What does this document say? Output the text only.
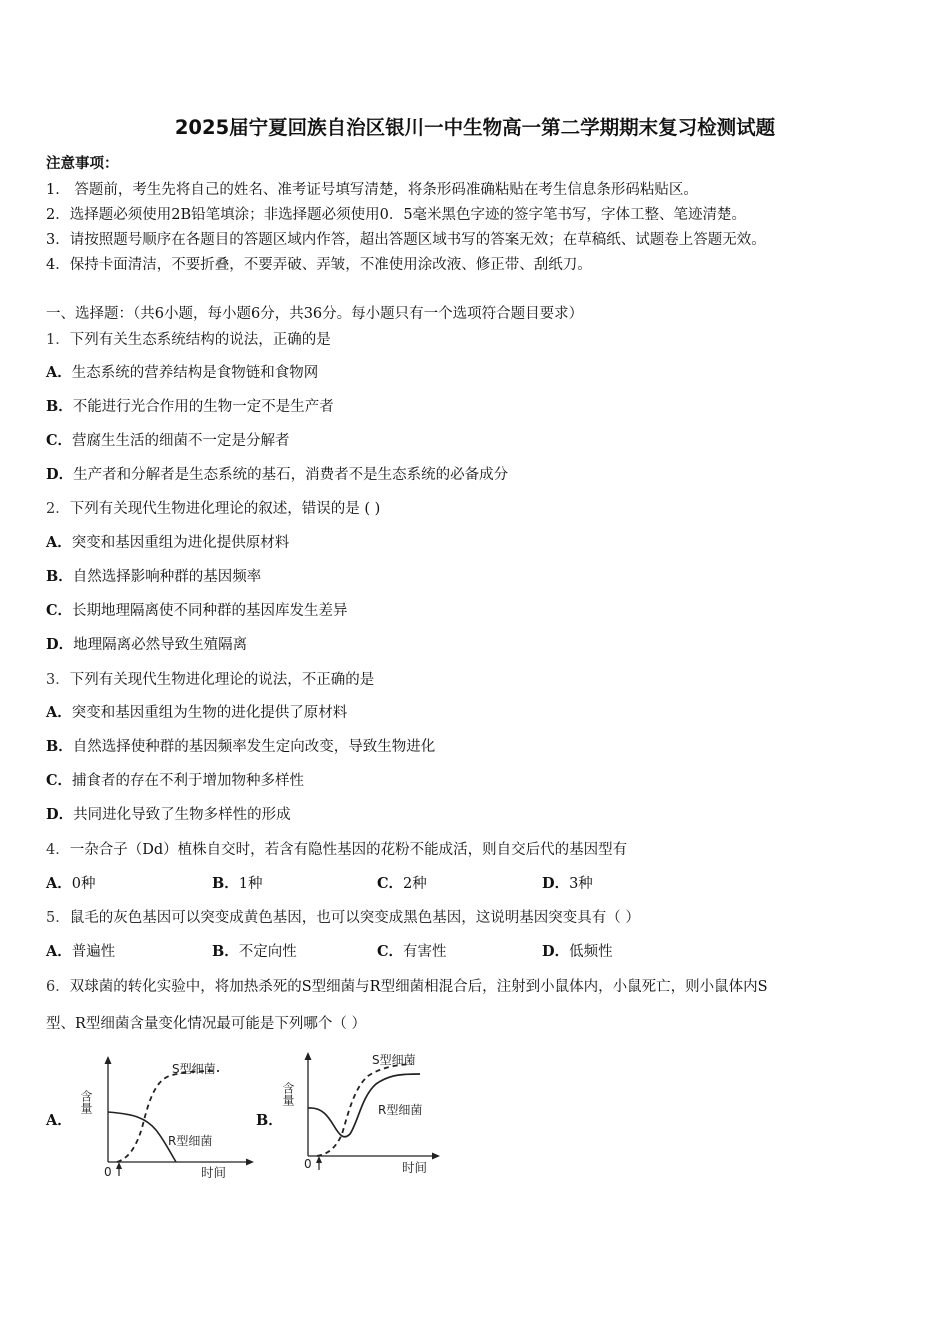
2025届宁夏回族自治区银川一中生物高一第二学期期末复习检测试题
注意事项：
1． 答题前，考生先将自己的姓名、准考证号填写清楚，将条形码准确粘贴在考生信息条形码粘贴区。
2．选择题必须使用2B铅笔填涂；非选择题必须使用0．5毫米黑色字迹的签字笔书写，字体工整、笔迹清楚。
3．请按照题号顺序在各题目的答题区域内作答，超出答题区域书写的答案无效；在草稿纸、试题卷上答题无效。
4．保持卡面清洁，不要折叠，不要弄破、弄皱，不准使用涂改液、修正带、刮纸刀。
一、选择题：（共6小题，每小题6分，共36分。每小题只有一个选项符合题目要求）
1．下列有关生态系统结构的说法，正确的是
A．生态系统的营养结构是食物链和食物网
B．不能进行光合作用的生物一定不是生产者
C．营腐生生活的细菌不一定是分解者
D．生产者和分解者是生态系统的基石，消费者不是生态系统的必备成分
2．下列有关现代生物进化理论的叙述，错误的是 ( )
A．突变和基因重组为进化提供原材料
B．自然选择影响种群的基因频率
C．长期地理隔离使不同种群的基因库发生差异
D．地理隔离必然导致生殖隔离
3．下列有关现代生物进化理论的说法，不正确的是
A．突变和基因重组为生物的进化提供了原材料
B．自然选择使种群的基因频率发生定向改变，导致生物进化
C．捕食者的存在不利于增加物种多样性
D．共同进化导致了生物多样性的形成
4．一杂合子（Dd）植株自交时，若含有隐性基因的花粉不能成活，则自交后代的基因型有
A．0种	B．1种	C．2种	D．3种
5．鼠毛的灰色基因可以突变成黄色基因，也可以突变成黑色基因，这说明基因突变具有（ ）
A．普遍性	B．不定向性	C．有害性	D．低频性
6．双球菌的转化实验中，将加热杀死的S型细菌与R型细菌相混合后，注射到小鼠体内，小鼠死亡，则小鼠体内S
型、R型细菌含量变化情况最可能是下列哪个（ ）
A．
含量
时间
0
S型细菌
R型细菌
B．
含量
时间
0
S型细菌
R型细菌
